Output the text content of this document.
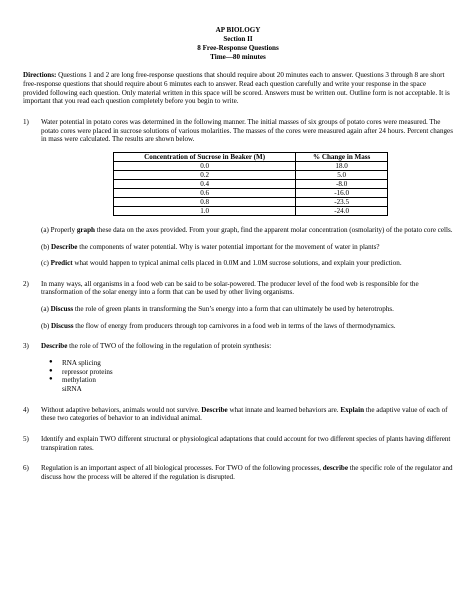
AP BIOLOGY
Section II
8 Free-Response Questions
Time—80 minutes

Directions: Questions 1 and 2 are long free-response questions that should require about 20 minutes each to answer. Questions 3 through 8 are short free-response questions that should require about 6 minutes each to answer. Read each question carefully and write your response in the space provided following each question. Only material written in this space will be scored. Answers must be written out. Outline form is not acceptable. It is important that you read each question completely before you begin to write.

1) Water potential in potato cores was determined in the following manner. The initial masses of six groups of potato cores were measured. The potato cores were placed in sucrose solutions of various molarities. The masses of the cores were measured again after 24 hours. Percent changes in mass were calculated. The results are shown below.

Concentration of Sucrose in Beaker (M)	% Change in Mass
0.0	18.0
0.2	5.0
0.4	-8.0
0.6	-16.0
0.8	-23.5
1.0	-24.0

(a) Properly graph these data on the axes provided. From your graph, find the apparent molar concentration (osmolarity) of the potato core cells.

(b) Describe the components of water potential. Why is water potential important for the movement of water in plants?

(c) Predict what would happen to typical animal cells placed in 0.0M and 1.0M sucrose solutions, and explain your prediction.

2) In many ways, all organisms in a food web can be said to be solar-powered. The producer level of the food web is responsible for the transformation of the solar energy into a form that can be used by other living organisms.

(a) Discuss the role of green plants in transforming the Sun’s energy into a form that can ultimately be used by heterotrophs.

(b) Discuss the flow of energy from producers through top carnivores in a food web in terms of the laws of thermodynamics.

3) Describe the role of TWO of the following in the regulation of protein synthesis:

● RNA splicing
● repressor proteins
● methylation
siRNA
4) Without adaptive behaviors, animals would not survive. Describe what innate and learned behaviors are. Explain the adaptive value of each of these two categories of behavior to an individual animal.

5) Identify and explain TWO different structural or physiological adaptations that could account for two different species of plants having different transpiration rates.

6) Regulation is an important aspect of all biological processes. For TWO of the following processes, describe the specific role of the regulator and discuss how the process will be altered if the regulation is disrupted.
